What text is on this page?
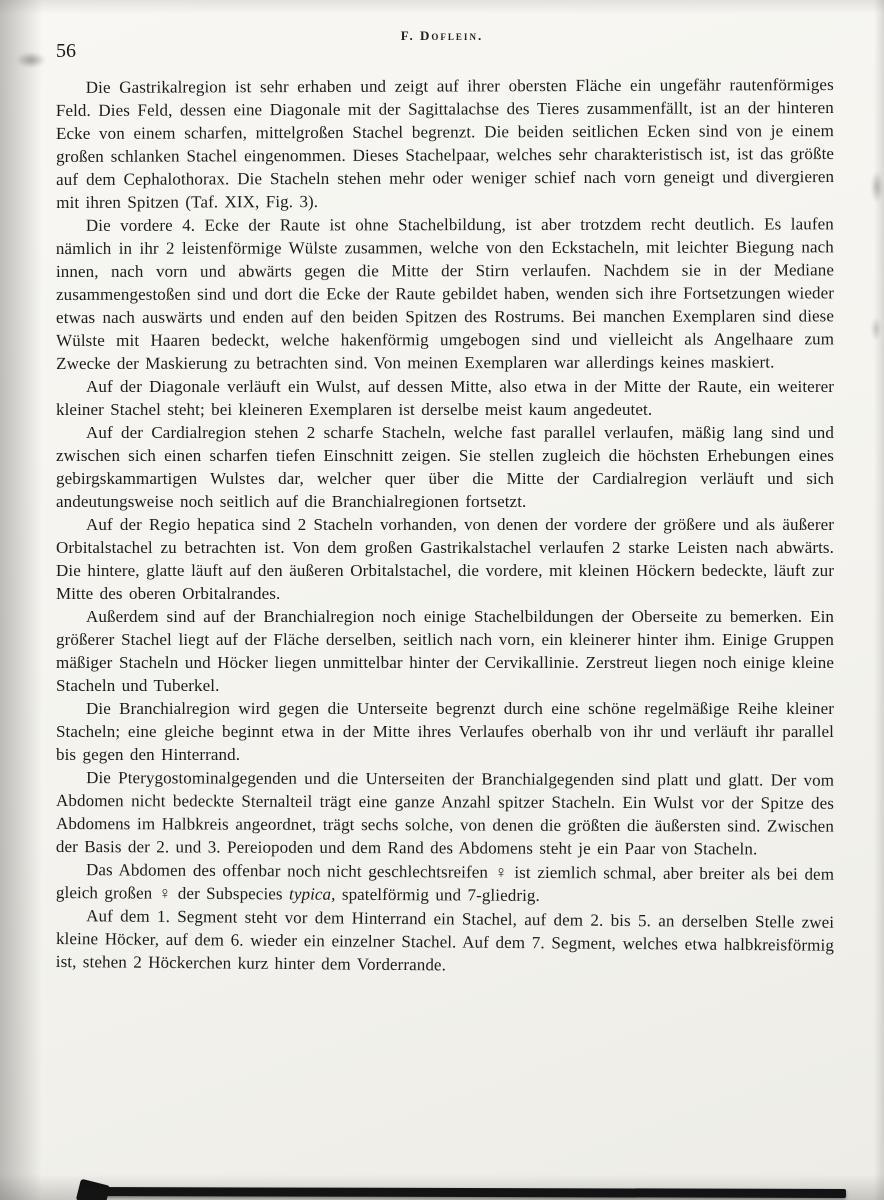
F. Doflein.
56

Die Gastrikalregion ist sehr erhaben und zeigt auf ihrer obersten Fläche ein ungefähr rautenförmiges Feld. Dies Feld, dessen eine Diagonale mit der Sagittalachse des Tieres zusammenfällt, ist an der hinteren Ecke von einem scharfen, mittelgroßen Stachel begrenzt. Die beiden seitlichen Ecken sind von je einem großen schlanken Stachel eingenommen. Dieses Stachelpaar, welches sehr charakteristisch ist, ist das größte auf dem Cephalothorax. Die Stacheln stehen mehr oder weniger schief nach vorn geneigt und divergieren mit ihren Spitzen (Taf. XIX, Fig. 3).

Die vordere 4. Ecke der Raute ist ohne Stachelbildung, ist aber trotzdem recht deutlich. Es laufen nämlich in ihr 2 leistenförmige Wülste zusammen, welche von den Eckstacheln, mit leichter Biegung nach innen, nach vorn und abwärts gegen die Mitte der Stirn verlaufen. Nachdem sie in der Mediane zusammengestoßen sind und dort die Ecke der Raute gebildet haben, wenden sich ihre Fortsetzungen wieder etwas nach auswärts und enden auf den beiden Spitzen des Rostrums. Bei manchen Exemplaren sind diese Wülste mit Haaren bedeckt, welche hakenförmig umgebogen sind und vielleicht als Angelhaare zum Zwecke der Maskierung zu betrachten sind. Von meinen Exemplaren war allerdings keines maskiert.

Auf der Diagonale verläuft ein Wulst, auf dessen Mitte, also etwa in der Mitte der Raute, ein weiterer kleiner Stachel steht; bei kleineren Exemplaren ist derselbe meist kaum angedeutet.

Auf der Cardialregion stehen 2 scharfe Stacheln, welche fast parallel verlaufen, mäßig lang sind und zwischen sich einen scharfen tiefen Einschnitt zeigen. Sie stellen zugleich die höchsten Erhebungen eines gebirgskammartigen Wulstes dar, welcher quer über die Mitte der Cardialregion verläuft und sich andeutungsweise noch seitlich auf die Branchialregionen fortsetzt.

Auf der Regio hepatica sind 2 Stacheln vorhanden, von denen der vordere der größere und als äußerer Orbitalstachel zu betrachten ist. Von dem großen Gastrikalstachel verlaufen 2 starke Leisten nach abwärts. Die hintere, glatte läuft auf den äußeren Orbitalstachel, die vordere, mit kleinen Höckern bedeckte, läuft zur Mitte des oberen Orbitalrandes.

Außerdem sind auf der Branchialregion noch einige Stachelbildungen der Oberseite zu bemerken. Ein größerer Stachel liegt auf der Fläche derselben, seitlich nach vorn, ein kleinerer hinter ihm. Einige Gruppen mäßiger Stacheln und Höcker liegen unmittelbar hinter der Cervikallinie. Zerstreut liegen noch einige kleine Stacheln und Tuberkel.

Die Branchialregion wird gegen die Unterseite begrenzt durch eine schöne regelmäßige Reihe kleiner Stacheln; eine gleiche beginnt etwa in der Mitte ihres Verlaufes oberhalb von ihr und verläuft ihr parallel bis gegen den Hinterrand.

Die Pterygostominalgegenden und die Unterseiten der Branchialgegenden sind platt und glatt. Der vom Abdomen nicht bedeckte Sternalteil trägt eine ganze Anzahl spitzer Stacheln. Ein Wulst vor der Spitze des Abdomens im Halbkreis angeordnet, trägt sechs solche, von denen die größten die äußersten sind. Zwischen der Basis der 2. und 3. Pereiopoden und dem Rand des Abdomens steht je ein Paar von Stacheln.

Das Abdomen des offenbar noch nicht geschlechtsreifen ♀ ist ziemlich schmal, aber breiter als bei dem gleich großen ♀ der Subspecies typica, spatelförmig und 7-gliedrig.

Auf dem 1. Segment steht vor dem Hinterrand ein Stachel, auf dem 2. bis 5. an derselben Stelle zwei kleine Höcker, auf dem 6. wieder ein einzelner Stachel. Auf dem 7. Segment, welches etwa halbkreisförmig ist, stehen 2 Höckerchen kurz hinter dem Vorderrande.
